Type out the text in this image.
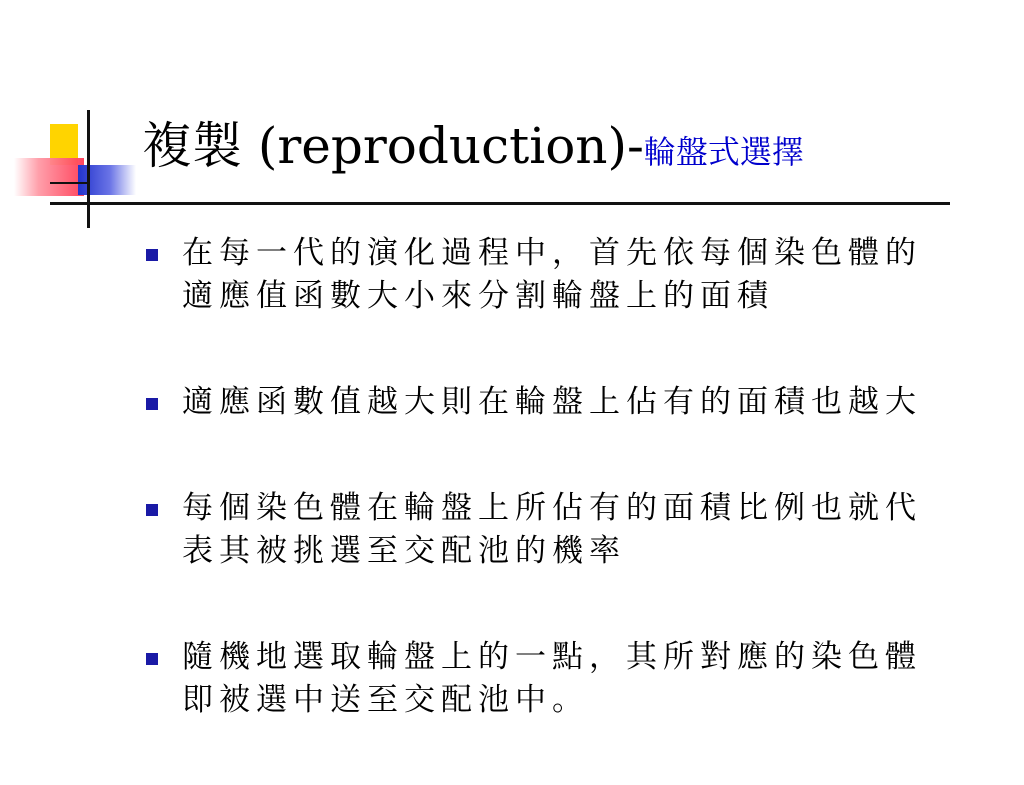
複製 (reproduction)-輪盤式選擇
在每一代的演化過程中，首先依每個染色體的
適應值函數大小來分割輪盤上的面積
適應函數值越大則在輪盤上佔有的面積也越大
每個染色體在輪盤上所佔有的面積比例也就代
表其被挑選至交配池的機率
隨機地選取輪盤上的一點，其所對應的染色體
即被選中送至交配池中。
